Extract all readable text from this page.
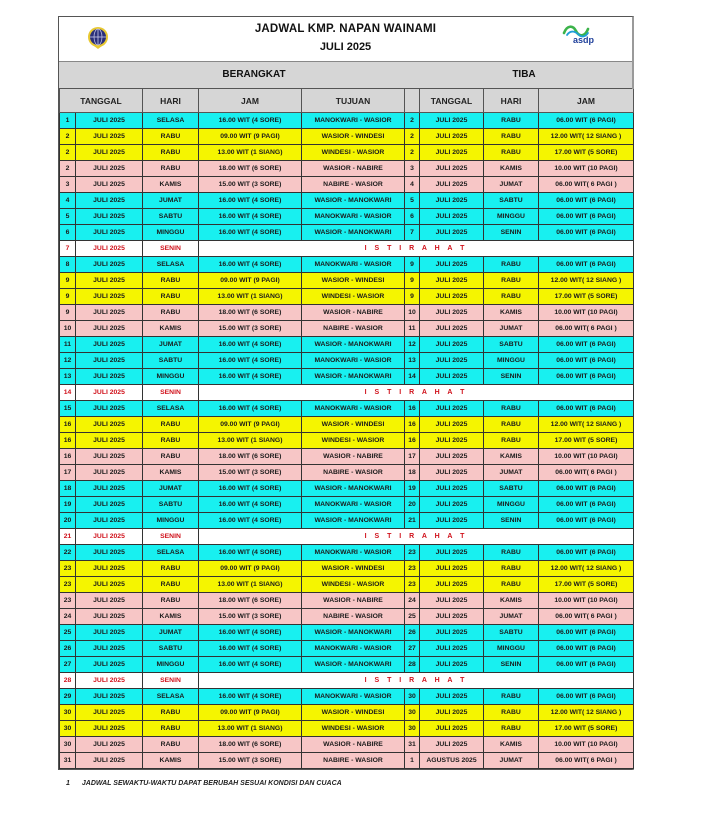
JADWAL KMP. NAPAN WAINAMI
JULI 2025
asdp
BERANGKAT	TIBA
TANGGAL		HARI	JAM	TUJUAN		TANGGAL	HARI	JAM
1	JULI 2025	SELASA	16.00 WIT (4 SORE)	MANOKWARI - WASIOR	2	JULI 2025	RABU	06.00 WIT (6 PAGI)
2	JULI 2025	RABU	09.00 WIT (9 PAGI)	WASIOR - WINDESI	2	JULI 2025	RABU	12.00 WIT( 12 SIANG )
2	JULI 2025	RABU	13.00 WIT (1 SIANG)	WINDESI - WASIOR	2	JULI 2025	RABU	17.00 WIT (5 SORE)
2	JULI 2025	RABU	18.00 WIT (6 SORE)	WASIOR - NABIRE	3	JULI 2025	KAMIS	10.00 WIT (10 PAGI)
3	JULI 2025	KAMIS	15.00 WIT (3 SORE)	NABIRE - WASIOR	4	JULI 2025	JUMAT	06.00 WIT( 6 PAGI )
4	JULI 2025	JUMAT	16.00 WIT (4 SORE)	WASIOR - MANOKWARI	5	JULI 2025	SABTU	06.00 WIT (6 PAGI)
5	JULI 2025	SABTU	16.00 WIT (4 SORE)	MANOKWARI - WASIOR	6	JULI 2025	MINGGU	06.00 WIT (6 PAGI)
6	JULI 2025	MINGGU	16.00 WIT (4 SORE)	WASIOR - MANOKWARI	7	JULI 2025	SENIN	06.00 WIT (6 PAGI)
7	JULI 2025	SENIN	I S T I R A H A T					
8	JULI 2025	SELASA	16.00 WIT (4 SORE)	MANOKWARI - WASIOR	9	JULI 2025	RABU	06.00 WIT (6 PAGI)
9	JULI 2025	RABU	09.00 WIT (9 PAGI)	WASIOR - WINDESI	9	JULI 2025	RABU	12.00 WIT( 12 SIANG )
9	JULI 2025	RABU	13.00 WIT (1 SIANG)	WINDESI - WASIOR	9	JULI 2025	RABU	17.00 WIT (5 SORE)
9	JULI 2025	RABU	18.00 WIT (6 SORE)	WASIOR - NABIRE	10	JULI 2025	KAMIS	10.00 WIT (10 PAGI)
10	JULI 2025	KAMIS	15.00 WIT (3 SORE)	NABIRE - WASIOR	11	JULI 2025	JUMAT	06.00 WIT( 6 PAGI )
11	JULI 2025	JUMAT	16.00 WIT (4 SORE)	WASIOR - MANOKWARI	12	JULI 2025	SABTU	06.00 WIT (6 PAGI)
12	JULI 2025	SABTU	16.00 WIT (4 SORE)	MANOKWARI - WASIOR	13	JULI 2025	MINGGU	06.00 WIT (6 PAGI)
13	JULI 2025	MINGGU	16.00 WIT (4 SORE)	WASIOR - MANOKWARI	14	JULI 2025	SENIN	06.00 WIT (6 PAGI)
14	JULI 2025	SENIN	I S T I R A H A T					
15	JULI 2025	SELASA	16.00 WIT (4 SORE)	MANOKWARI - WASIOR	16	JULI 2025	RABU	06.00 WIT (6 PAGI)
16	JULI 2025	RABU	09.00 WIT (9 PAGI)	WASIOR - WINDESI	16	JULI 2025	RABU	12.00 WIT( 12 SIANG )
16	JULI 2025	RABU	13.00 WIT (1 SIANG)	WINDESI - WASIOR	16	JULI 2025	RABU	17.00 WIT (5 SORE)
16	JULI 2025	RABU	18.00 WIT (6 SORE)	WASIOR - NABIRE	17	JULI 2025	KAMIS	10.00 WIT (10 PAGI)
17	JULI 2025	KAMIS	15.00 WIT (3 SORE)	NABIRE - WASIOR	18	JULI 2025	JUMAT	06.00 WIT( 6 PAGI )
18	JULI 2025	JUMAT	16.00 WIT (4 SORE)	WASIOR - MANOKWARI	19	JULI 2025	SABTU	06.00 WIT (6 PAGI)
19	JULI 2025	SABTU	16.00 WIT (4 SORE)	MANOKWARI - WASIOR	20	JULI 2025	MINGGU	06.00 WIT (6 PAGI)
20	JULI 2025	MINGGU	16.00 WIT (4 SORE)	WASIOR - MANOKWARI	21	JULI 2025	SENIN	06.00 WIT (6 PAGI)
21	JULI 2025	SENIN	I S T I R A H A T					
22	JULI 2025	SELASA	16.00 WIT (4 SORE)	MANOKWARI - WASIOR	23	JULI 2025	RABU	06.00 WIT (6 PAGI)
23	JULI 2025	RABU	09.00 WIT (9 PAGI)	WASIOR - WINDESI	23	JULI 2025	RABU	12.00 WIT( 12 SIANG )
23	JULI 2025	RABU	13.00 WIT (1 SIANG)	WINDESI - WASIOR	23	JULI 2025	RABU	17.00 WIT (5 SORE)
23	JULI 2025	RABU	18.00 WIT (6 SORE)	WASIOR - NABIRE	24	JULI 2025	KAMIS	10.00 WIT (10 PAGI)
24	JULI 2025	KAMIS	15.00 WIT (3 SORE)	NABIRE - WASIOR	25	JULI 2025	JUMAT	06.00 WIT( 6 PAGI )
25	JULI 2025	JUMAT	16.00 WIT (4 SORE)	WASIOR - MANOKWARI	26	JULI 2025	SABTU	06.00 WIT (6 PAGI)
26	JULI 2025	SABTU	16.00 WIT (4 SORE)	MANOKWARI - WASIOR	27	JULI 2025	MINGGU	06.00 WIT (6 PAGI)
27	JULI 2025	MINGGU	16.00 WIT (4 SORE)	WASIOR - MANOKWARI	28	JULI 2025	SENIN	06.00 WIT (6 PAGI)
28	JULI 2025	SENIN	I S T I R A H A T					
29	JULI 2025	SELASA	16.00 WIT (4 SORE)	MANOKWARI - WASIOR	30	JULI 2025	RABU	06.00 WIT (6 PAGI)
30	JULI 2025	RABU	09.00 WIT (9 PAGI)	WASIOR - WINDESI	30	JULI 2025	RABU	12.00 WIT( 12 SIANG )
30	JULI 2025	RABU	13.00 WIT (1 SIANG)	WINDESI - WASIOR	30	JULI 2025	RABU	17.00 WIT (5 SORE)
30	JULI 2025	RABU	18.00 WIT (6 SORE)	WASIOR - NABIRE	31	JULI 2025	KAMIS	10.00 WIT (10 PAGI)
31	JULI 2025	KAMIS	15.00 WIT (3 SORE)	NABIRE - WASIOR	1	AGUSTUS 2025	JUMAT	06.00 WIT( 6 PAGI )
1 JADWAL SEWAKTU-WAKTU DAPAT BERUBAH SESUAI KONDISI DAN CUACA
